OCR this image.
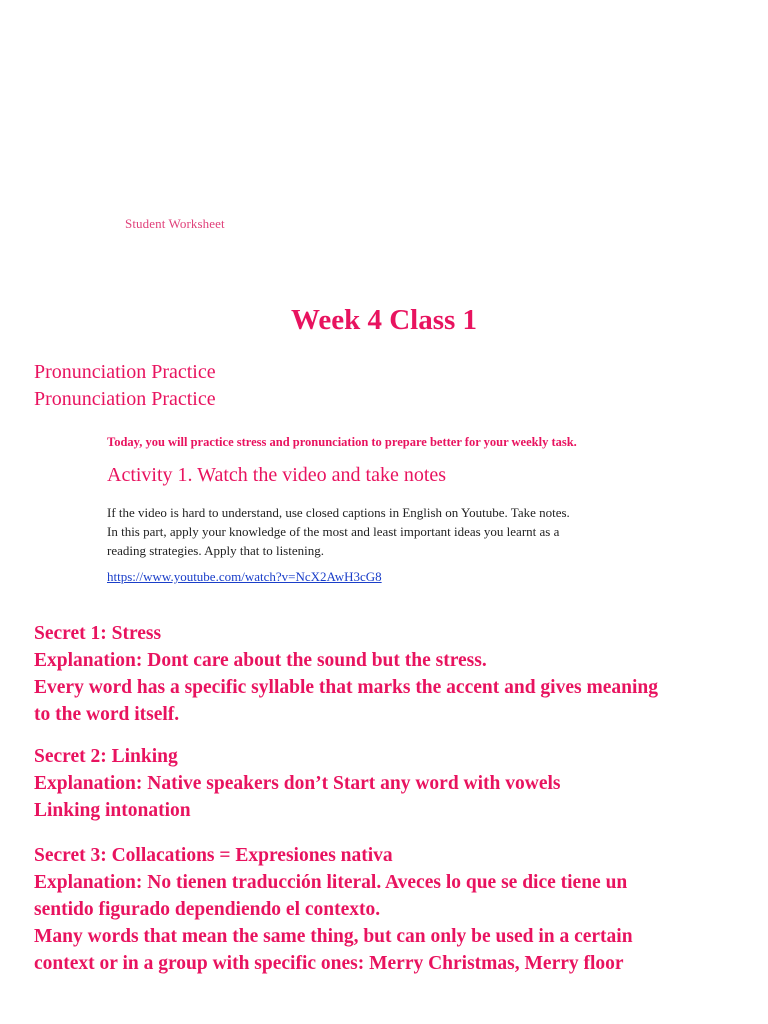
Student Worksheet
Week 4 Class 1
Pronunciation Practice
Pronunciation Practice
Today, you will practice stress and pronunciation to prepare better for your weekly task.
Activity 1. Watch the video and take notes
If the video is hard to understand, use closed captions in English on Youtube. Take notes.
In this part, apply your knowledge of the most and least important ideas you learnt as a
reading strategies. Apply that to listening.
https://www.youtube.com/watch?v=NcX2AwH3cG8
Secret 1: Stress
Explanation: Dont care about the sound but the stress.
Every word has a specific syllable that marks the accent and gives meaning
to the word itself.
Secret 2: Linking
Explanation: Native speakers don’t Start any word with vowels
Linking intonation
Secret 3: Collacations = Expresiones nativa
Explanation: No tienen traducción literal. Aveces lo que se dice tiene un
sentido figurado dependiendo el contexto.
Many words that mean the same thing, but can only be used in a certain
context or in a group with specific ones: Merry Christmas, Merry floor
